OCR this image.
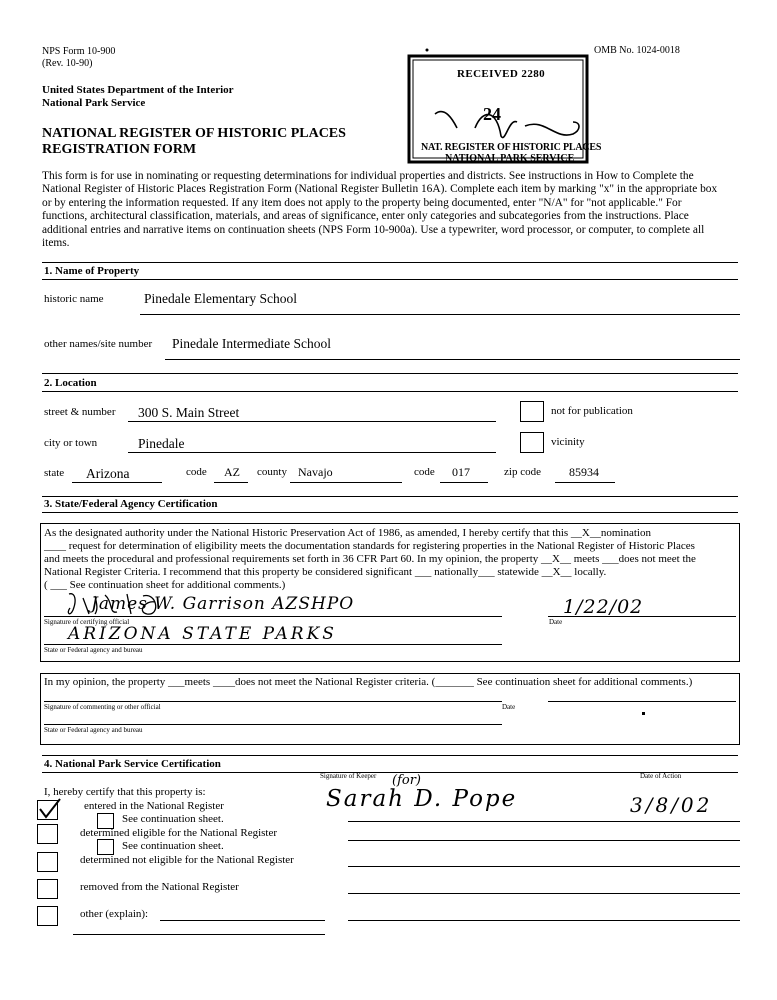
NPS Form 10-900
(Rev. 10-90)
OMB No. 1024-0018
United States Department of the Interior
National Park Service
NATIONAL REGISTER OF HISTORIC PLACES
REGISTRATION FORM
RECEIVED 2280
24
NAT. REGISTER OF HISTORIC PLACES
NATIONAL PARK SERVICE
This form is for use in nominating or requesting determinations for individual properties and districts. See instructions in How to Complete the
National Register of Historic Places Registration Form (National Register Bulletin 16A). Complete each item by marking "x" in the appropriate box
or by entering the information requested. If any item does not apply to the property being documented, enter "N/A" for "not applicable." For
functions, architectural classification, materials, and areas of significance, enter only categories and subcategories from the instructions. Place
additional entries and narrative items on continuation sheets (NPS Form 10-900a). Use a typewriter, word processor, or computer, to complete all
items.
1. Name of Property
historic name	Pinedale Elementary School
other names/site number Pinedale Intermediate School
2. Location
street & number 300 S. Main Street	not for publication
city or town	Pinedale	vicinity
state Arizona	code AZ county Navajo	code 017	zip code 85934
3. State/Federal Agency Certification
As the designated authority under the National Historic Preservation Act of 1986, as amended, I hereby certify that this __X__nomination
____ request for determination of eligibility meets the documentation standards for registering properties in the National Register of Historic Places
and meets the procedural and professional requirements set forth in 36 CFR Part 60. In my opinion, the property __X__ meets ___does not meet the
National Register Criteria. I recommend that this property be considered significant ___ nationally___ statewide __X__ locally.
( ___ See continuation sheet for additional comments.)
James W. Garrison AZSHPO
Signature of certifying official
1/22/02
Date
ARIZONA STATE PARKS
State or Federal agency and bureau
In my opinion, the property ___meets ____does not meet the National Register criteria. (_______ See continuation sheet for additional comments.)
Signature of commenting or other official	Date
State or Federal agency and bureau
4. National Park Service Certification
Signature of Keeper	Date of Action
I, hereby certify that this property is:
(for)
Sarah D. Pope	3/8/02
entered in the National Register
See continuation sheet.
determined eligible for the National Register
See continuation sheet.
determined not eligible for the National Register
removed from the National Register
other (explain):
